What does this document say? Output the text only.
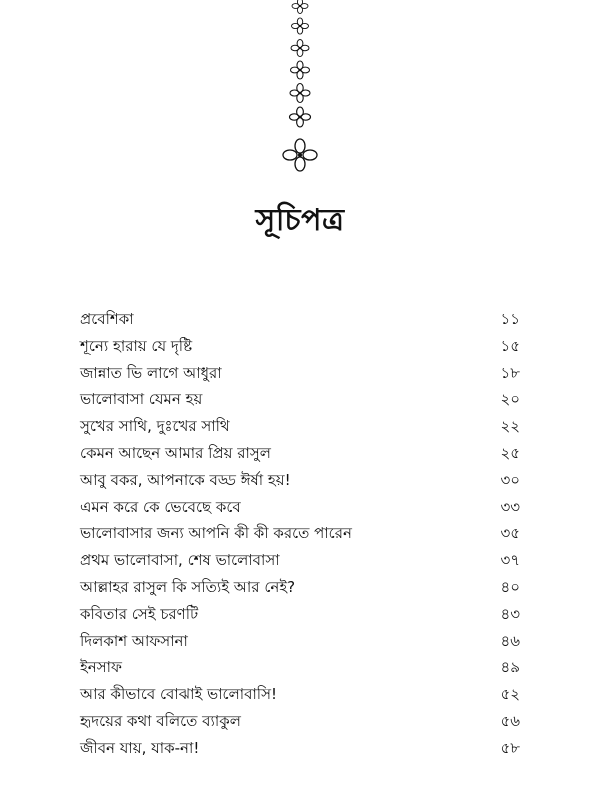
সূচিপত্র
প্রবেশিকা	১১
শূন্যে হারায় যে দৃষ্টি	১৫
জান্নাত ভি লাগে আধুরা	১৮
ভালোবাসা যেমন হয়	২০
সুখের সাথি, দুঃখের সাথি	২২
কেমন আছেন আমার প্রিয় রাসুল	২৫
আবু বকর, আপনাকে বড্ড ঈর্ষা হয়!	৩০
এমন করে কে ভেবেছে কবে	৩৩
ভালোবাসার জন্য আপনি কী কী করতে পারেন	৩৫
প্রথম ভালোবাসা, শেষ ভালোবাসা	৩৭
আল্লাহর রাসুল কি সত্যিই আর নেই?	৪০
কবিতার সেই চরণটি	৪৩
দিলকাশ আফসানা	৪৬
ইনসাফ	৪৯
আর কীভাবে বোঝাই ভালোবাসি!	৫২
হৃদয়ের কথা বলিতে ব্যাকুল	৫৬
জীবন যায়, যাক-না!	৫৮
